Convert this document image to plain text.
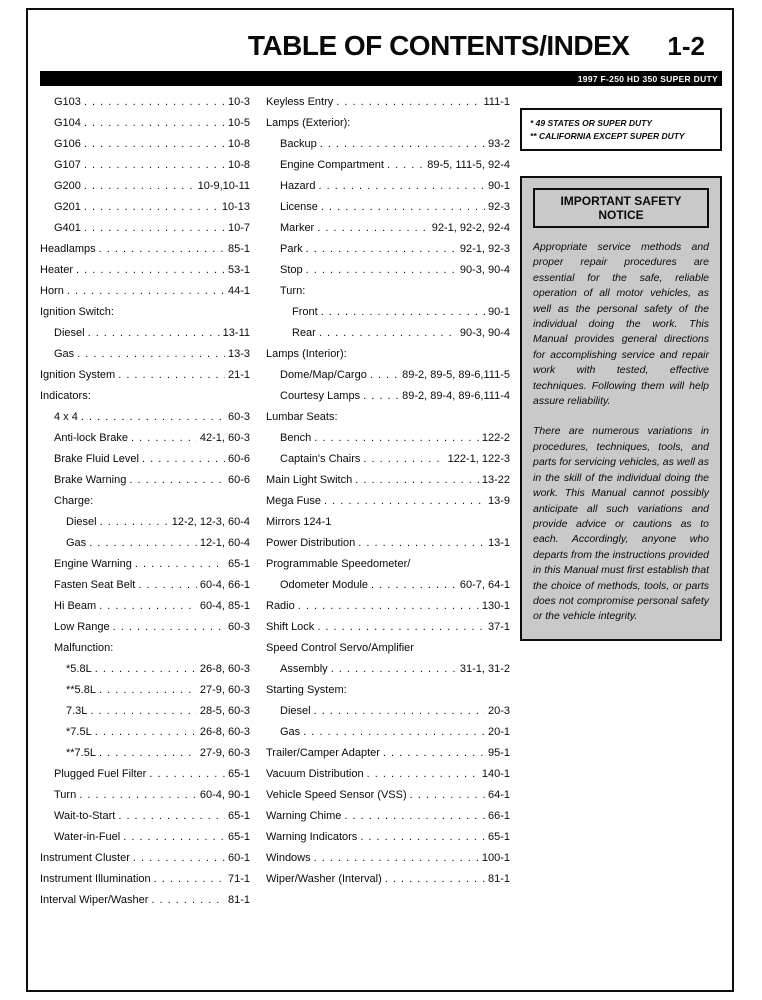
TABLE OF CONTENTS/INDEX 1-2
1997 F-250 HD 350 SUPER DUTY
G103 . . .	10-3
G104 . . .	10-5
G106 . . .	10-8
G107 . . .	10-8
G200 . . .	10-9,10-11
G201 . . .	10-13
G401 . . .	10-7
Headlamps . . .	85-1
Heater . . .	53-1
Horn . . .	44-1
Ignition Switch:
Diesel . . .	13-11
Gas . . .	13-3
Ignition System . . .	21-1
Indicators:
4 x 4 . . .	60-3
Anti-lock Brake . . .	42-1, 60-3
Brake Fluid Level . . .	60-6
Brake Warning . . .	60-6
Charge:
Diesel . . .	12-2, 12-3, 60-4
Gas . . .	12-1, 60-4
Engine Warning . . .	65-1
Fasten Seat Belt . . .	60-4, 66-1
Hi Beam . . .	60-4, 85-1
Low Range . . .	60-3
Malfunction:
*5.8L . . .	26-8, 60-3
**5.8L . . .	27-9, 60-3
7.3L . . .	28-5, 60-3
*7.5L . . .	26-8, 60-3
**7.5L . . .	27-9, 60-3
Plugged Fuel Filter . . .	65-1
Turn . . .	60-4, 90-1
Wait-to-Start . . .	65-1
Water-in-Fuel . . .	65-1
Instrument Cluster . . .	60-1
Instrument Illumination . . .	71-1
Interval Wiper/Washer . . .	81-1
Keyless Entry . . .	111-1
Lamps (Exterior):
Backup . . .	93-2
Engine Compartment . . .	89-5, 111-5, 92-4
Hazard . . .	90-1
License . . .	92-3
Marker . . .	92-1, 92-2, 92-4
Park . . .	92-1, 92-3
Stop . . .	90-3, 90-4
Turn:
Front . . .	90-1
Rear . . .	90-3, 90-4
Lamps (Interior):
Dome/Map/Cargo . . .	89-2, 89-5, 89-6,111-5
Courtesy Lamps . . .	89-2, 89-4, 89-6,111-4
Lumbar Seats:
Bench . . .	122-2
Captain's Chairs . . .	122-1, 122-3
Main Light Switch . . .	13-22
Mega Fuse . . .	13-9
Mirrors 124-1
Power Distribution . . .	13-1
Programmable Speedometer/
Odometer Module . . .	60-7, 64-1
Radio . . .	130-1
Shift Lock . . .	37-1
Speed Control Servo/Amplifier
Assembly . . .	31-1, 31-2
Starting System:
Diesel . . .	20-3
Gas . . .	20-1
Trailer/Camper Adapter . . .	95-1
Vacuum Distribution . . .	140-1
Vehicle Speed Sensor (VSS) . . .	64-1
Warning Chime . . .	66-1
Warning Indicators . . .	65-1
Windows . . .	100-1
Wiper/Washer (Interval) . . .	81-1
* 49 STATES OR SUPER DUTY
** CALIFORNIA EXCEPT SUPER DUTY
IMPORTANT SAFETY NOTICE

Appropriate service methods and proper repair procedures are essential for the safe, reliable operation of all motor vehicles, as well as the personal safety of the individual doing the work. This Manual provides general directions for accomplishing service and repair work with tested, effective techniques. Following them will help assure reliability.

There are numerous variations in procedures, techniques, tools, and parts for servicing vehicles, as well as in the skill of the individual doing the work. This Manual cannot possibly anticipate all such variations and provide advice or cautions as to each. Accordingly, anyone who departs from the instructions provided in this Manual must first establish that the choice of methods, tools, or parts does not compromise personal safety or the vehicle integrity.
